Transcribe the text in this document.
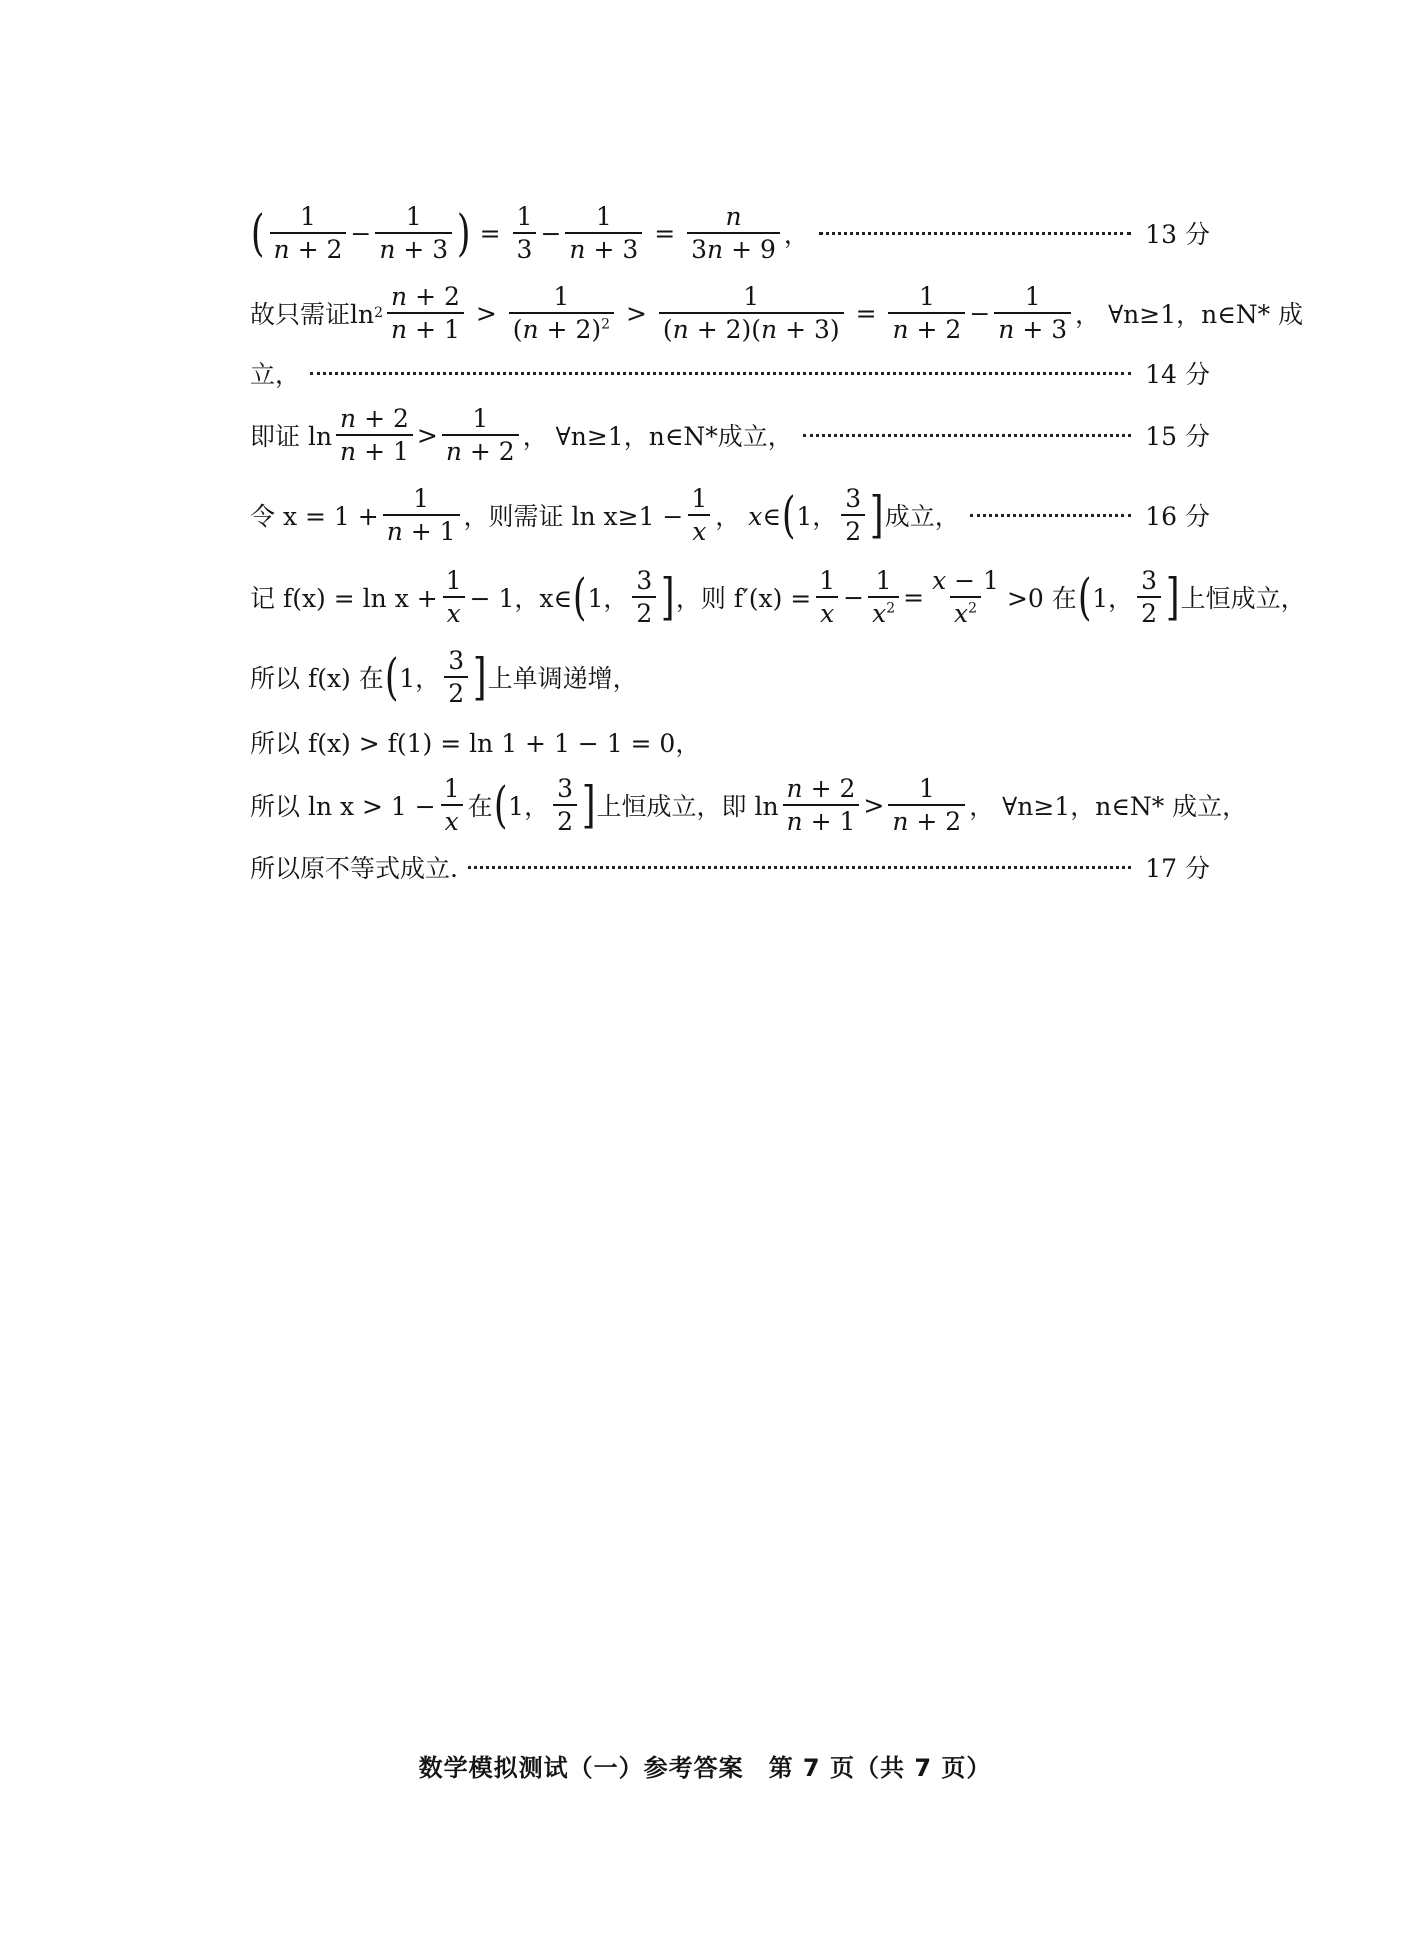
( $\frac{1}{n + 2} - \frac{1}{n + 3}$ ) = $\frac{1}{3} - \frac{1}{n + 3} = \frac{n}{3n + 9}$ ，	13 分
故只需证$\ln 2 \frac{n + 2}{n + 1} > \frac{1}{(n + 2)^2} > \frac{1}{(n + 2)(n + 3)} = \frac{1}{n + 2} - \frac{1}{n + 3}$ ， ∀n≥1，n∈N* 成
立，	14 分
即证 $\ln \frac{n + 2}{n + 1} > \frac{1}{n + 2}$ ， ∀n≥1，n∈N*成立，	15 分
令 $x = 1 + \frac{1}{n + 1}$ ，则需证 $\ln x\ge 1 - \frac{1}{x}$ ， x∈ ( 1， $\frac{3}{2}$ ] 成立，	16 分
记 $f(x) = \ln x + \frac{1}{x} - 1$，x∈ ( 1， $\frac{3}{2}$ ] ，则 $f'(x) = \frac{1}{x} - \frac{1}{x^2} = \frac{x - 1}{x^2} >0$ 在 ( 1， $\frac{3}{2}$ ] 上恒成立，
所以 f(x) 在 ( 1， $\frac{3}{2}$ ] 上单调递增，
所以 f(x) > f(1) = ln 1 + 1 − 1 = 0，
所以 $\ln x > 1 - \frac{1}{x}$ 在 ( 1， $\frac{3}{2}$ ] 上恒成立，即 $\ln \frac{n + 2}{n + 1} > \frac{1}{n + 2}$ ， ∀n≥1，n∈N* 成立，
所以原不等式成立.	17 分
数学模拟测试（一）参考答案　第 7 页（共 7 页）
